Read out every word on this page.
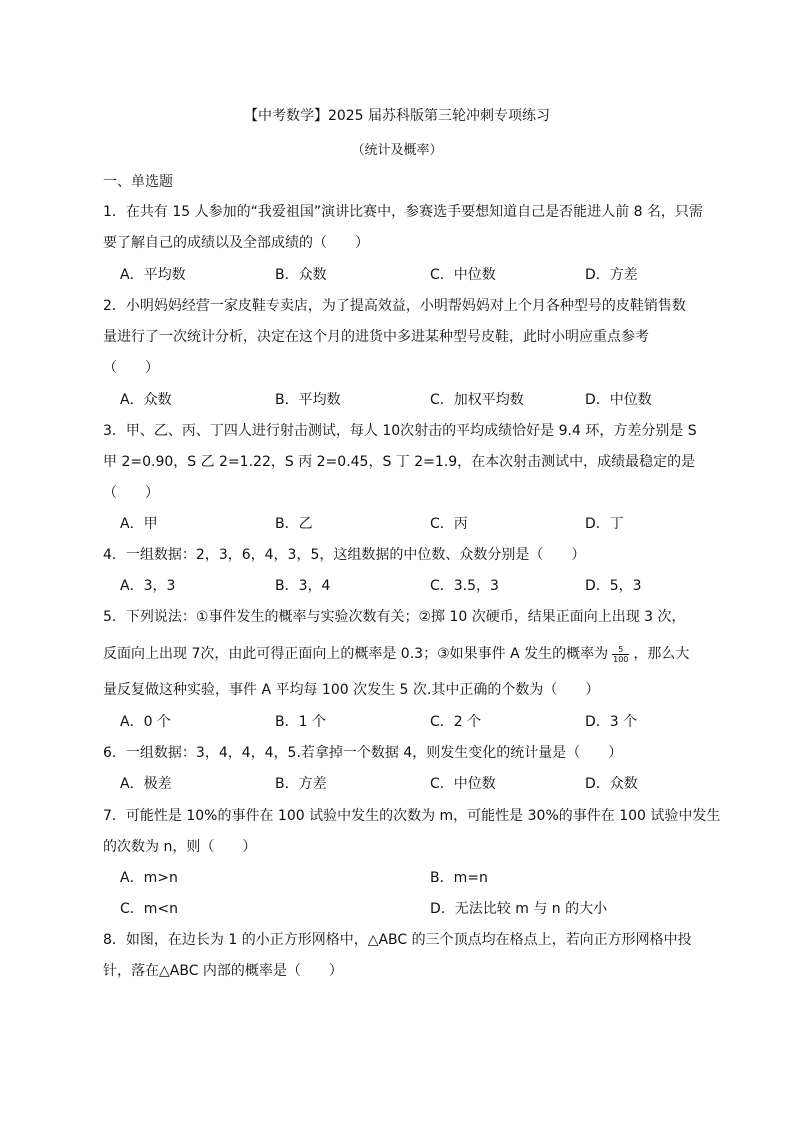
【中考数学】2025 届苏科版第三轮冲刺专项练习
（统计及概率）
一、单选题
1．在共有 15 人参加的“我爱祖国”演讲比赛中，参赛选手要想知道自己是否能进人前 8 名，只需
要了解自己的成绩以及全部成绩的（　　）
A．平均数	B．众数	C．中位数	D．方差
2．小明妈妈经营一家皮鞋专卖店，为了提高效益，小明帮妈妈对上个月各种型号的皮鞋销售数
量进行了一次统计分析，决定在这个月的进货中多进某种型号皮鞋，此时小明应重点参考
（　　）
A．众数	B．平均数	C．加权平均数	D．中位数
3．甲、乙、丙、丁四人进行射击测试，每人 10次射击的平均成绩恰好是 9.4 环，方差分别是 S
甲 2=0.90，S 乙 2=1.22，S 丙 2=0.45，S 丁 2=1.9，在本次射击测试中，成绩最稳定的是
（　　）
A．甲	B．乙	C．丙	D．丁
4．一组数据：2，3，6，4，3，5，这组数据的中位数、众数分别是（　　）
A．3，3	B．3，4	C．3.5，3	D．5，3
5．下列说法：①事件发生的概率与实验次数有关；②掷 10 次硬币，结果正面向上出现 3 次，
反面向上出现 7次，由此可得正面向上的概率是 0.3；③如果事件 A 发生的概率为 $\frac{5}{100}$ ，那么大
量反复做这种实验，事件 A 平均每 100 次发生 5 次.其中正确的个数为（　　）
A．0 个	B．1 个	C．2 个	D．3 个
6．一组数据：3，4，4，4，5.若拿掉一个数据 4，则发生变化的统计量是（　　）
A．极差	B．方差	C．中位数	D．众数
7．可能性是 10%的事件在 100 试验中发生的次数为 m，可能性是 30%的事件在 100 试验中发生
的次数为 n，则（　　）
A．m>n	B．m=n
C．m<n	D．无法比较 m 与 n 的大小
8．如图，在边长为 1 的小正方形网格中，△ABC 的三个顶点均在格点上，若向正方形网格中投
针，落在△ABC 内部的概率是（　　）
